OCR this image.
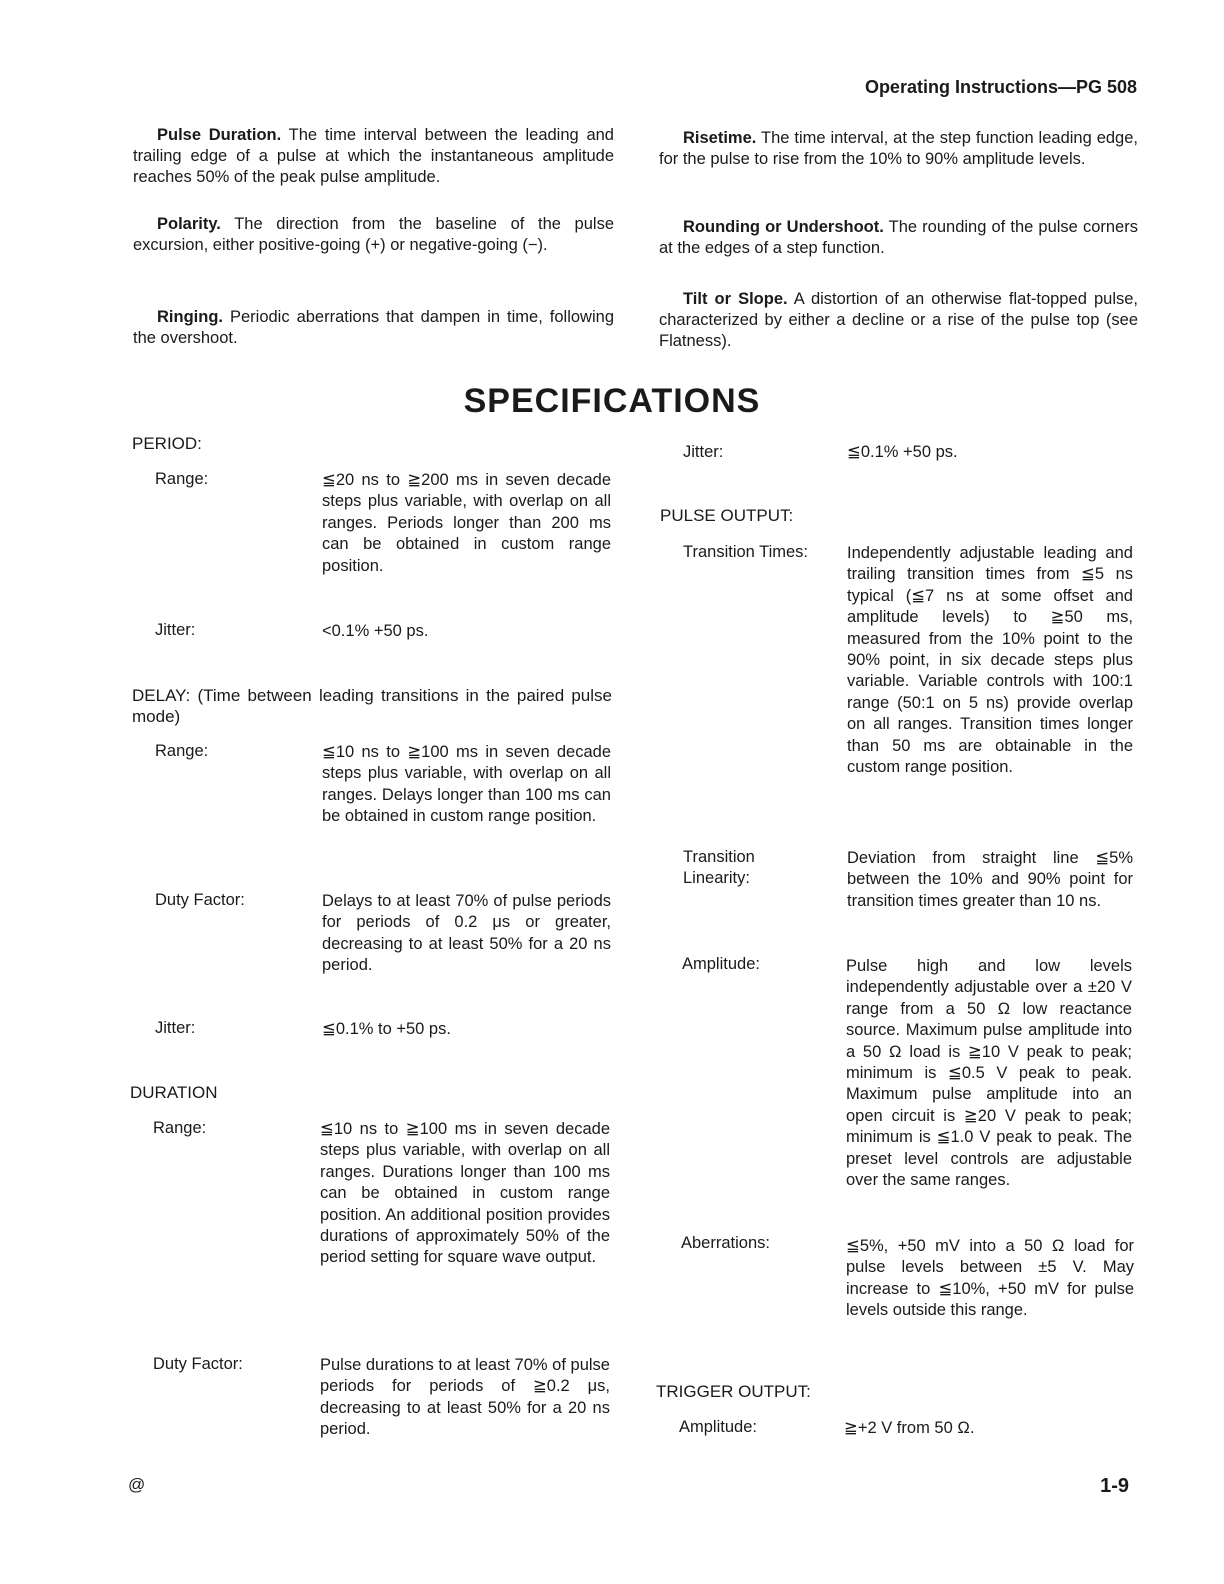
Operating Instructions—PG 508

Pulse Duration. The time interval between the leading and trailing edge of a pulse at which the instantaneous amplitude reaches 50% of the peak pulse amplitude.

Polarity. The direction from the baseline of the pulse excursion, either positive-going (+) or negative-going (−).

Ringing. Periodic aberrations that dampen in time, following the overshoot.

Risetime. The time interval, at the step function leading edge, for the pulse to rise from the 10% to 90% amplitude levels.

Rounding or Undershoot. The rounding of the pulse corners at the edges of a step function.

Tilt or Slope. A distortion of an otherwise flat-topped pulse, characterized by either a decline or a rise of the pulse top (see Flatness).

SPECIFICATIONS
PERIOD:
Range:	≦20 ns to ≧200 ms in seven decade steps plus variable, with overlap on all ranges. Periods longer than 200 ms can be obtained in custom range position.
Jitter:	<0.1% +50 ps.
DELAY: (Time between leading transitions in the paired pulse mode)
Range:	≦10 ns to ≧100 ms in seven decade steps plus variable, with overlap on all ranges. Delays longer than 100 ms can be obtained in custom range position.
Duty Factor:	Delays to at least 70% of pulse periods for periods of 0.2 μs or greater, decreasing to at least 50% for a 20 ns period.
Jitter:	≦0.1% to +50 ps.
DURATION
Range:	≦10 ns to ≧100 ms in seven decade steps plus variable, with overlap on all ranges. Durations longer than 100 ms can be obtained in custom range position. An additional position provides durations of approximately 50% of the period setting for square wave output.
Duty Factor:	Pulse durations to at least 70% of pulse periods for periods of ≧0.2 μs, decreasing to at least 50% for a 20 ns period.
Jitter:	≦0.1% +50 ps.
PULSE OUTPUT:
Transition Times: Independently adjustable leading and trailing transition times from ≦5 ns typical (≦7 ns at some offset and amplitude levels) to ≧50 ms, measured from the 10% point to the 90% point, in six decade steps plus variable. Variable controls with 100:1 range (50:1 on 5 ns) provide overlap on all ranges. Transition times longer than 50 ms are obtainable in the custom range position.
Transition Linearity:
Deviation from straight line ≦5% between the 10% and 90% point for transition times greater than 10 ns.
Amplitude:	Pulse high and low levels independently adjustable over a ±20 V range from a 50 Ω low reactance source. Maximum pulse amplitude into a 50 Ω load is ≧10 V peak to peak; minimum is ≦0.5 V peak to peak. Maximum pulse amplitude into an open circuit is ≧20 V peak to peak; minimum is ≦1.0 V peak to peak. The preset level controls are adjustable over the same ranges.
Aberrations:	≦5%, +50 mV into a 50 Ω load for pulse levels between ±5 V. May increase to ≦10%, +50 mV for pulse levels outside this range.
TRIGGER OUTPUT:
Amplitude:	≧+2 V from 50 Ω.
@	1-9
